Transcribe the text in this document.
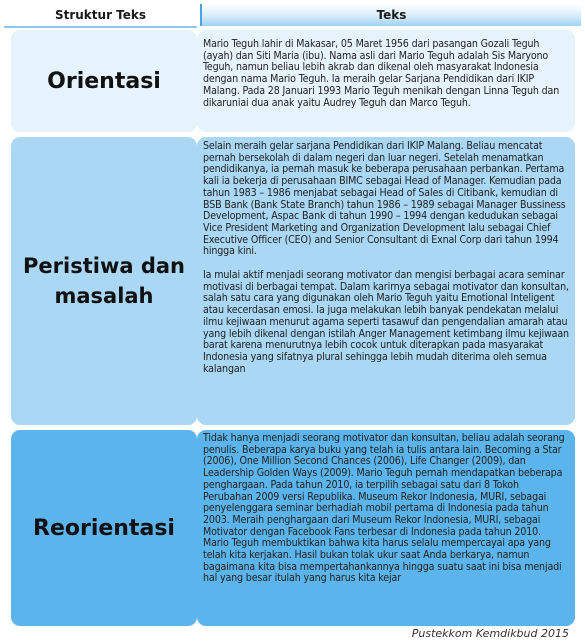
Struktur Teks	Teks
Orientasi

Mario Teguh lahir di Makasar, 05 Maret 1956 dari pasangan Gozali Teguh (ayah) dan Siti Maria (ibu). Nama asli dari Mario Teguh adalah Sis Maryono Teguh, namun beliau lebih akrab dan dikenal oleh masyarakat Indonesia dengan nama Mario Teguh. Ia meraih gelar Sarjana Pendidikan dari IKIP Malang. Pada 28 Januari 1993 Mario Teguh menikah dengan Linna Teguh dan dikaruniai dua anak yaitu Audrey Teguh dan Marco Teguh.

Peristiwa dan masalah

Selain meraih gelar sarjana Pendidikan dari IKIP Malang. Beliau mencatat pernah bersekolah di dalam negeri dan luar negeri. Setelah menamatkan pendidikanya, ia pernah masuk ke beberapa perusahaan perbankan. Pertama kali ia bekerja di perusahaan BIMC sebagai Head of Manager. Kemudian pada tahun 1983 – 1986 menjabat sebagai Head of Sales di Citibank, kemudian di BSB Bank (Bank State Branch) tahun 1986 – 1989 sebagai Manager Bussiness Development, Aspac Bank di tahun 1990 – 1994 dengan kedudukan sebagai Vice President Marketing and Organization Development lalu sebagai Chief Executive Officer (CEO) and Senior Consultant di Exnal Corp dari tahun 1994 hingga kini.

Ia mulai aktif menjadi seorang motivator dan mengisi berbagai acara seminar motivasi di berbagai tempat. Dalam karirnya sebagai motivator dan konsultan, salah satu cara yang digunakan oleh Mario Teguh yaitu Emotional Inteligent atau kecerdasan emosi. Ia juga melakukan lebih banyak pendekatan melalui ilmu kejiwaan menurut agama seperti tasawuf dan pengendalian amarah atau yang lebih dikenal dengan istilah Anger Management ketimbang ilmu kejiwaan barat karena menurutnya lebih cocok untuk diterapkan pada masyarakat Indonesia yang sifatnya plural sehingga lebih mudah diterima oleh semua kalangan

Reorientasi

Tidak hanya menjadi seorang motivator dan konsultan, beliau adalah seorang penulis. Beberapa karya buku yang telah ia tulis antara lain. Becoming a Star (2006), One Million Second Chances (2006), Life Changer (2009), dan Leadership Golden Ways (2009). Mario Teguh pernah mendapatkan beberapa penghargaan. Pada tahun 2010, ia terpilih sebagai satu dari 8 Tokoh Perubahan 2009 versi Republika. Museum Rekor Indonesia, MURI, sebagai penyelenggara seminar berhadiah mobil pertama di Indonesia pada tahun 2003. Meraih penghargaan dari Museum Rekor Indonesia, MURI, sebagai Motivator dengan Facebook Fans terbesar di Indonesia pada tahun 2010. Mario Teguh membuktikan bahwa kita harus selalu mempercayai apa yang telah kita kerjakan. Hasil bukan tolak ukur saat Anda berkarya, namun bagaimana kita bisa mempertahankannya hingga suatu saat ini bisa menjadi hal yang besar itulah yang harus kita kejar

Pustekkom Kemdikbud 2015
